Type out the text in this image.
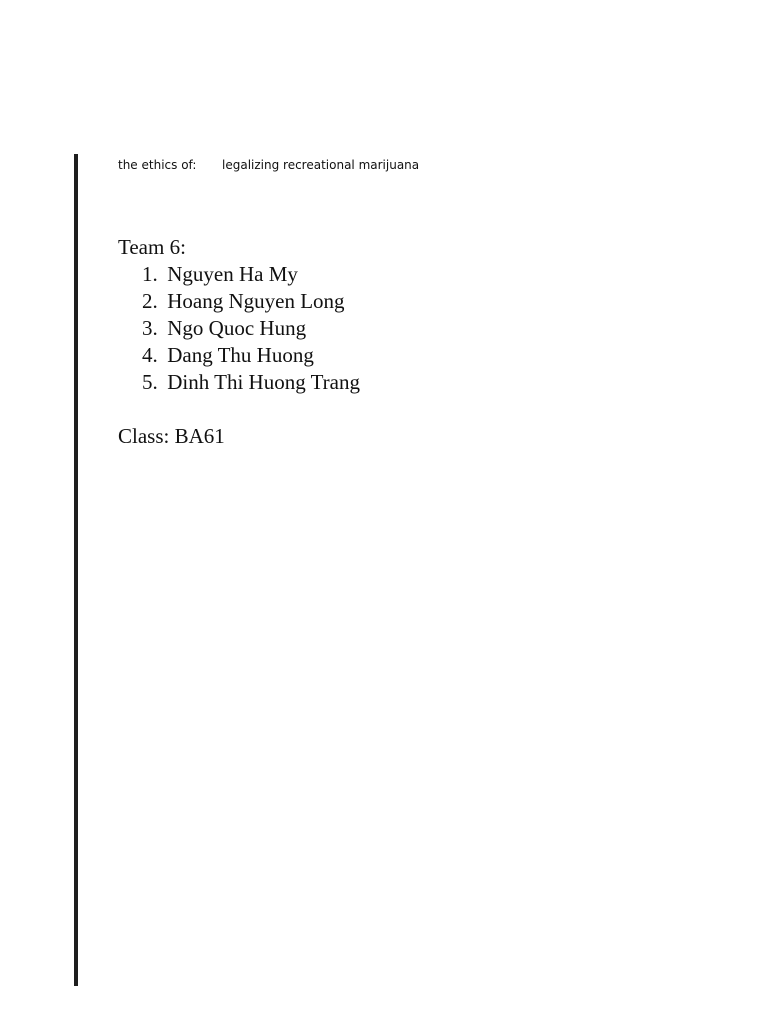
the ethics of: legalizing recreational marijuana

Team 6:

1. Nguyen Ha My
2. Hoang Nguyen Long
3. Ngo Quoc Hung
4. Dang Thu Huong
5. Dinh Thi Huong Trang
Class: BA61
